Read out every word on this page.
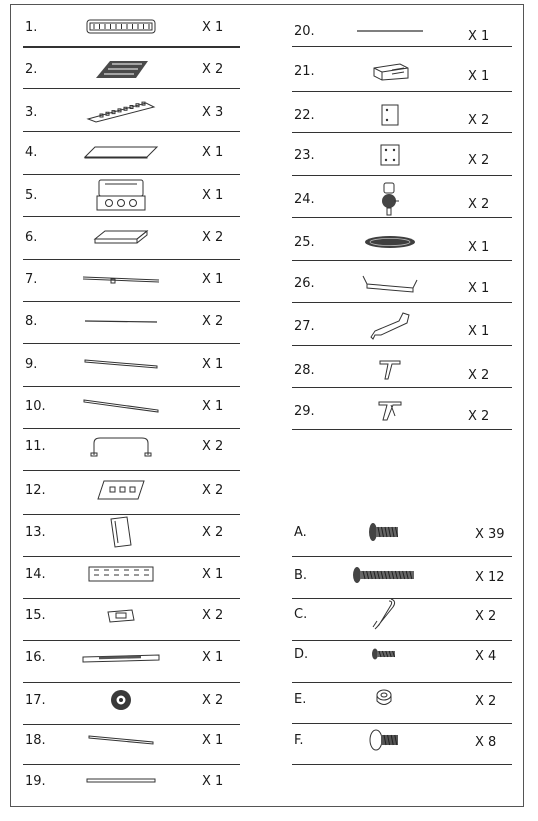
1.	X 1
2.	X 2
3.	X 3
4.	X 1
5.	X 1
6.	X 2
7.	X 1
8.	X 2
9.	X 1
10.	X 1
11.	X 2
12.	X 2
13.	X 2
14.	X 1
15.	X 2
16.	X 1
17.	X 2
18.	X 1
19.	X 1
20.	X 1
21.	X 1
22.	X 2
23.	X 2
24.	X 2
25.	X 1
26.	X 1
27.	X 1
28.	X 2
29.	X 2
A.	X 39
B.	X 12
C.	X 2
D.	X 4
E.	X 2
F.	X 8
